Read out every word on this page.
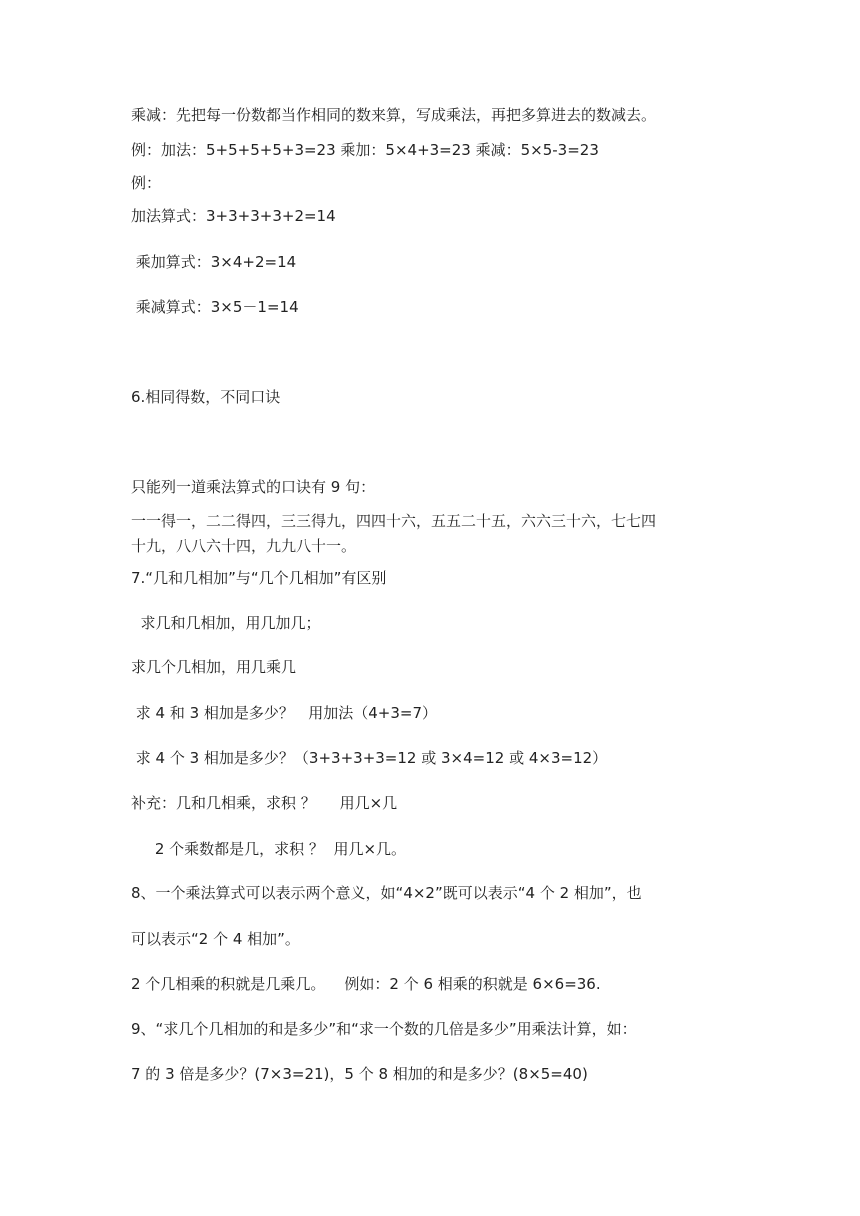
乘减：先把每一份数都当作相同的数来算，写成乘法，再把多算进去的数减去。
例：加法：5+5+5+5+3=23 乘加：5×4+3=23 乘减：5×5-3=23
例：
加法算式：3+3+3+3+2=14
乘加算式：3×4+2=14
乘减算式：3×5－1=14
6.相同得数，不同口诀
只能列一道乘法算式的口诀有 9 句：
一一得一，二二得四，三三得九，四四十六，五五二十五，六六三十六，七七四
十九，八八六十四，九九八十一。
7.“几和几相加”与“几个几相加”有区别
求几和几相加，用几加几；
求几个几相加，用几乘几
求 4 和 3 相加是多少？   用加法（4+3=7）
求 4 个 3 相加是多少？（3+3+3+3=12 或 3×4=12 或 4×3=12）
补充：几和几相乘，求积 ？     用几×几
2 个乘数都是几，求积 ？  用几×几。
8、一个乘法算式可以表示两个意义，如“4×2”既可以表示“4 个 2 相加”，也
可以表示“2 个 4 相加”。
2 个几相乘的积就是几乘几。    例如：2 个 6 相乘的积就是 6×6=36.
9、“求几个几相加的和是多少”和“求一个数的几倍是多少”用乘法计算，如：
7 的 3 倍是多少？(7×3=21)，5 个 8 相加的和是多少？(8×5=40)
